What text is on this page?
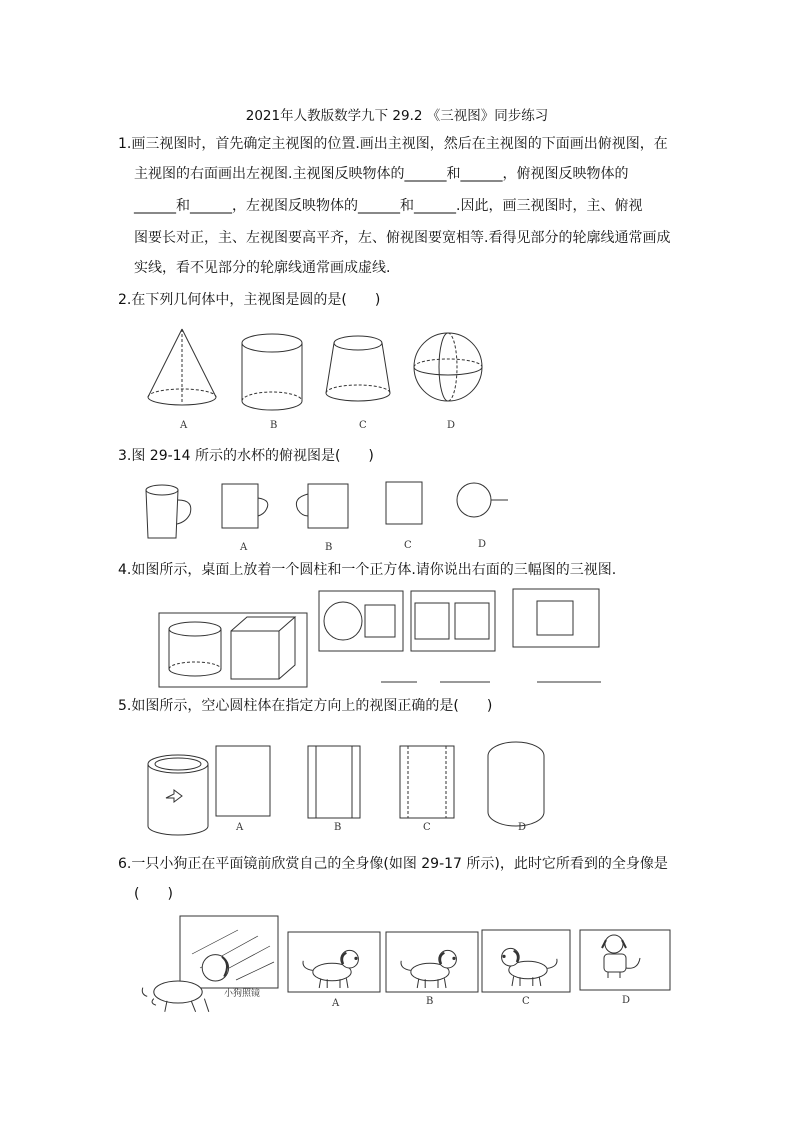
2021年人教版数学九下 29.2 《三视图》同步练习
1.画三视图时，首先确定主视图的位置.画出主视图，然后在主视图的下面画出俯视图，在
主视图的右面画出左视图.主视图反映物体的______和______，俯视图反映物体的
______和______，左视图反映物体的______和______.因此，画三视图时，主、俯视
图要长对正，主、左视图要高平齐，左、俯视图要宽相等.看得见部分的轮廓线通常画成
实线，看不见部分的轮廓线通常画成虚线.
2.在下列几何体中，主视图是圆的是(　　)
A	B	C	D
3.图 29-14 所示的水杯的俯视图是(　　)
A	B	C	D
4.如图所示，桌面上放着一个圆柱和一个正方体.请你说出右面的三幅图的三视图.
5.如图所示，空心圆柱体在指定方向上的视图正确的是(　　)
A	B	C	D
6.一只小狗正在平面镜前欣赏自己的全身像(如图 29-17 所示)，此时它所看到的全身像是
(　　)
小狗照镜
A	B	C	D
